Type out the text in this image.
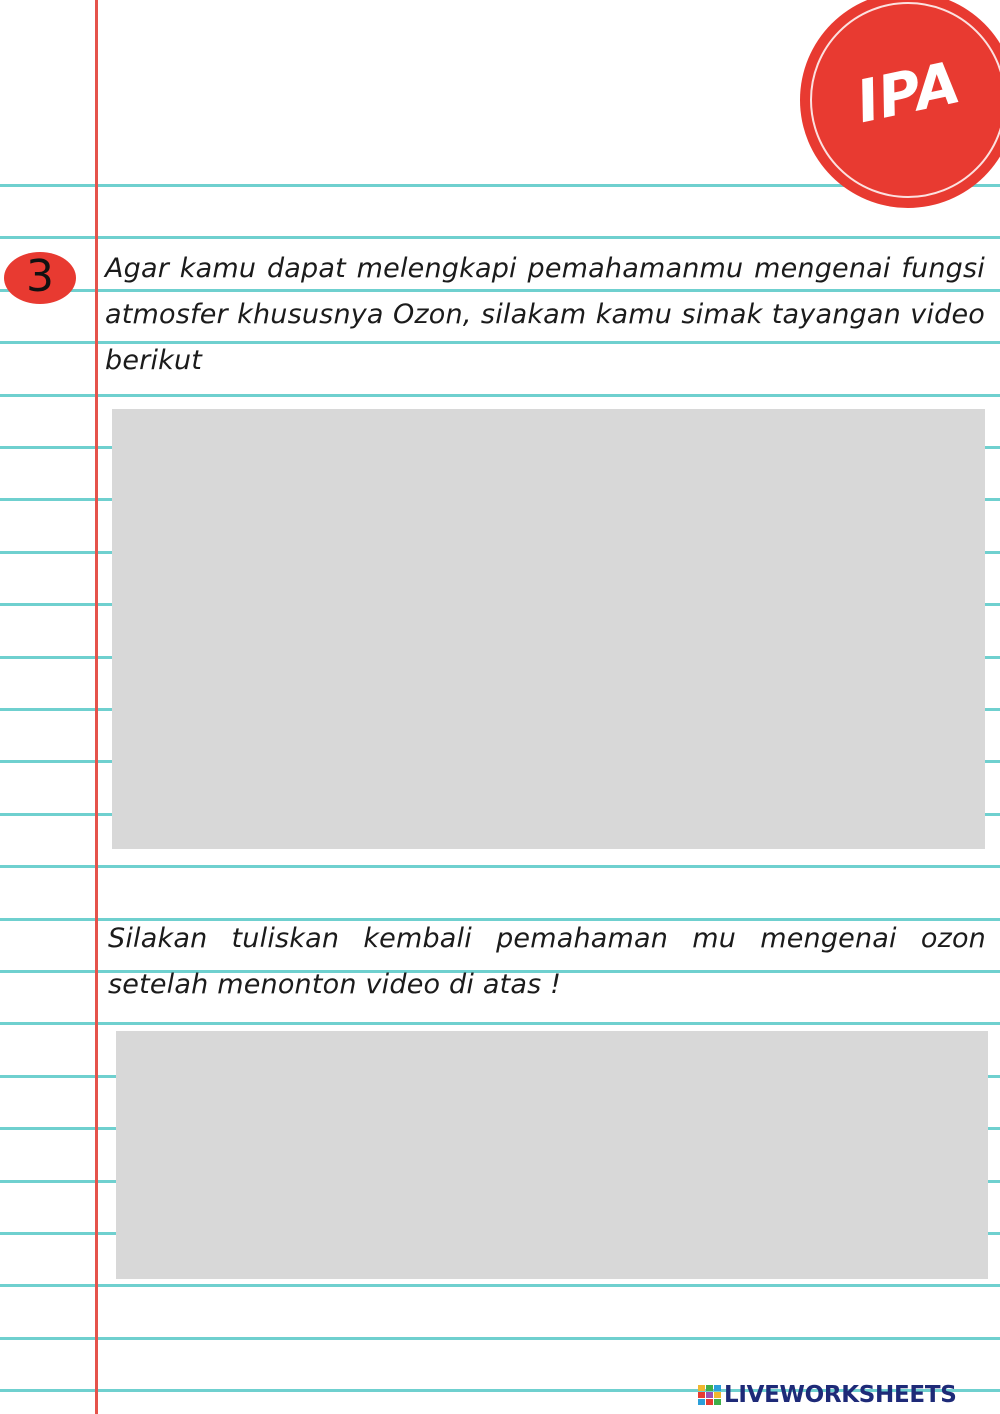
IPA
3 Agar kamu dapat melengkapi pemahamanmu mengenai fungsi atmosfer khususnya Ozon, silakam kamu simak tayangan video berikut
Silakan tuliskan kembali pemahaman mu mengenai ozon setelah menonton video di atas !
LIVEWORKSHEETS
